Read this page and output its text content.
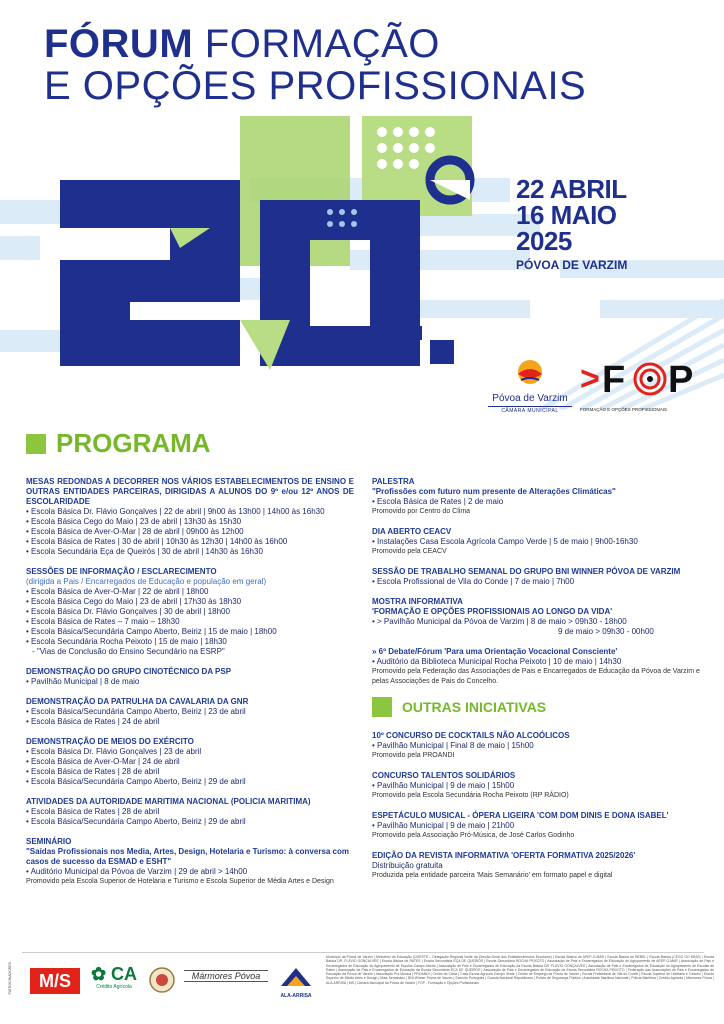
FÓRUM FORMAÇÃO
E OPÇÕES PROFISSIONAIS
22 ABRIL
16 MAIO
2025
PÓVOA DE VARZIM
Póvoa de Varzim
CÂMARA MUNICIPAL
> F P
FORMAÇÃO E OPÇÕES PROFISSIONAIS
PROGRAMA
MESAS REDONDAS A DECORRER NOS VÁRIOS ESTABELECIMENTOS DE ENSINO E OUTRAS ENTIDADES PARCEIRAS, DIRIGIDAS A ALUNOS DO 9º e/ou 12º ANOS DE ESCOLARIDADE
• Escola Básica Dr. Flávio Gonçalves | 22 de abril | 9h00 às 13h00 | 14h00 às 16h30
• Escola Básica Cego do Maio | 23 de abril | 13h30 às 15h30
• Escola Básica de Aver-O-Mar | 28 de abril | 09h00 às 12h00
• Escola Básica de Rates | 30 de abril | 10h30 às 12h30 | 14h00 às 16h00
• Escola Secundária Eça de Queirós | 30 de abril | 14h30 às 16h30
SESSÕES DE INFORMAÇÃO / ESCLARECIMENTO
(dirigida a Pais / Encarregados de Educação e população em geral)
• Escola Básica de Aver-O-Mar | 22 de abril | 18h00
• Escola Básica Cego do Maio | 23 de abril | 17h30 às 18h30
• Escola Básica Dr. Flávio Gonçalves | 30 de abril | 18h00
• Escola Básica de Rates – 7 maio – 18h30
• Escola Básica/Secundária Campo Aberto, Beiriz | 15 de maio | 18h00
• Escola Secundária Rocha Peixoto | 15 de maio | 18h30
- "Vias de Conclusão do Ensino Secundário na ESRP"
DEMONSTRAÇÃO DO GRUPO CINOTÉCNICO DA PSP
• Pavilhão Municipal | 8 de maio
DEMONSTRAÇÃO DA PATRULHA DA CAVALARIA DA GNR
• Escola Básica/Secundária Campo Aberto, Beiriz | 23 de abril
• Escola Básica de Rates | 24 de abril
DEMONSTRAÇÃO DE MEIOS DO EXÉRCITO
• Escola Básica Dr. Flávio Gonçalves | 23 de abril
• Escola Básica de Aver-O-Mar | 24 de abril
• Escola Básica de Rates | 28 de abril
• Escola Básica/Secundária Campo Aberto, Beiriz | 29 de abril
ATIVIDADES DA AUTORIDADE MARITIMA NACIONAL (POLICIA MARITIMA)
• Escola Básica de Rates | 28 de abril
• Escola Básica/Secundária Campo Aberto, Beiriz | 29 de abril
SEMINÁRIO
"Saídas Profissionais nos Media, Artes, Design, Hotelaria e Turismo: à conversa com casos de sucesso da ESMAD e ESHT"
• Auditório Municipal da Póvoa de Varzim | 29 de abril > 14h00
Promovido pela Escola Superior de Hotelaria e Turismo e Escola Superior de Média Artes e Design
PALESTRA
"Profissões com futuro num presente de Alterações Climáticas"
• Escola Básica de Rates | 2 de maio
Promovido por Centro do Clima
DIA ABERTO CEACV
• Instalações Casa Escola Agrícola Campo Verde | 5 de maio | 9h00-16h30
Promovido pela CEACV
SESSÃO DE TRABALHO SEMANAL DO GRUPO BNI WINNER PÓVOA DE VARZIM
• Escola Profissional de Vila do Conde | 7 de maio | 7h00
MOSTRA INFORMATIVA
'FORMAÇÃO E OPÇÕES PROFISSIONAIS AO LONGO DA VIDA'
• > Pavilhão Municipal da Póvoa de Varzim | 8 de maio > 09h30 - 18h00
9 de maio > 09h30 - 00h00
» 6º Debate/Fórum 'Para uma Orientação Vocacional Consciente'
• Auditório da Biblioteca Municipal Rocha Peixoto | 10 de maio | 14h30
Promovido pela Federação das Associações de Pais e Encarregados de Educação da Póvoa de Varzim e pelas Associações de Pais do Concelho.
OUTRAS INICIATIVAS
10º CONCURSO DE COCKTAILS NÃO ALCOÓLICOS
• Pavilhão Municipal | Final 8 de maio | 15h00
Promovido pela PROANDI
CONCURSO TALENTOS SOLIDÁRIOS
• Pavilhão Municipal | 9 de maio | 15h00
Promovido pela Escola Secundária Rocha Peixoto (RP RÁDIO)
ESPETÁCULO MUSICAL - ÓPERA LIGEIRA 'COM DOM DINIS E DONA ISABEL'
• Pavilhão Municipal | 9 de maio | 21h00
Promovido pela Associação Pró-Música, de José Carlos Godinho
EDIÇÃO DA REVISTA INFORMATIVA 'OFERTA FORMATIVA 2025/2026'
Distribuição gratuita
Produzida pela entidade parceira 'Mais Semanário' em formato papel e digital
PATROCINADORES	M/S	✿ CA
Crédito Agrícola
Mármores Póvoa
ALA-ARRISA
Município da Póvoa de Varzim | Ministério da Educação (DGESTE – Delegação Regional Norte da Direção-Geral dos Estabelecimentos Escolares) | Escola Básica de APEP-O-MAR | Escola Básica de REBEL | Escola Básica (CEGO DO MAIO) | Escola Básica DR. FLÁVIO GONÇALVES | Escola Básica de RATES | Escola Secundária EÇA DE QUEIRÓS | Escola Secundária ROCHA PEIXOTO | Associação de Pais e Encarregados de Educação do Agrupamento de APEP-O-MAR | Associação de Pais e Encarregados de Educação do Agrupamento de Escolas Campo Aberto | Associação de Pais e Encarregados de Educação da Escola Básica DR. FLÁVIO GONÇALVES | Associação de Pais e Encarregados de Educação do Agrupamento de Escolas de Rates | Associação de Pais e Encarregados de Educação da Escola Secundária EÇA DE QUEIRÓS | Associação de Pais e Encarregados de Educação da Escola Secundária ROCHA PEIXOTO | Federação das Associações de Pais e Encarregados de Educação da Póvoa de Varzim | Associação Pró-Música | PROANDI | Centro do Clima | Casa Escola Agrícola Campo Verde | Centro de Emprego da Póvoa de Varzim | Escola Profissional de Vila do Conde | Escola Superior de Hotelaria e Turismo | Escola Superior de Média Artes e Design | Mais Semanário | BNI Winner Póvoa de Varzim | Exército Português | Guarda Nacional Republicana | Polícia de Segurança Pública | Autoridade Marítima Nacional | Polícia Marítima | Crédito Agrícola | Mármores Póvoa | ALA-ARRISA | MS | Câmara Municipal da Póvoa de Varzim | FOP - Formação e Opções Profissionais
